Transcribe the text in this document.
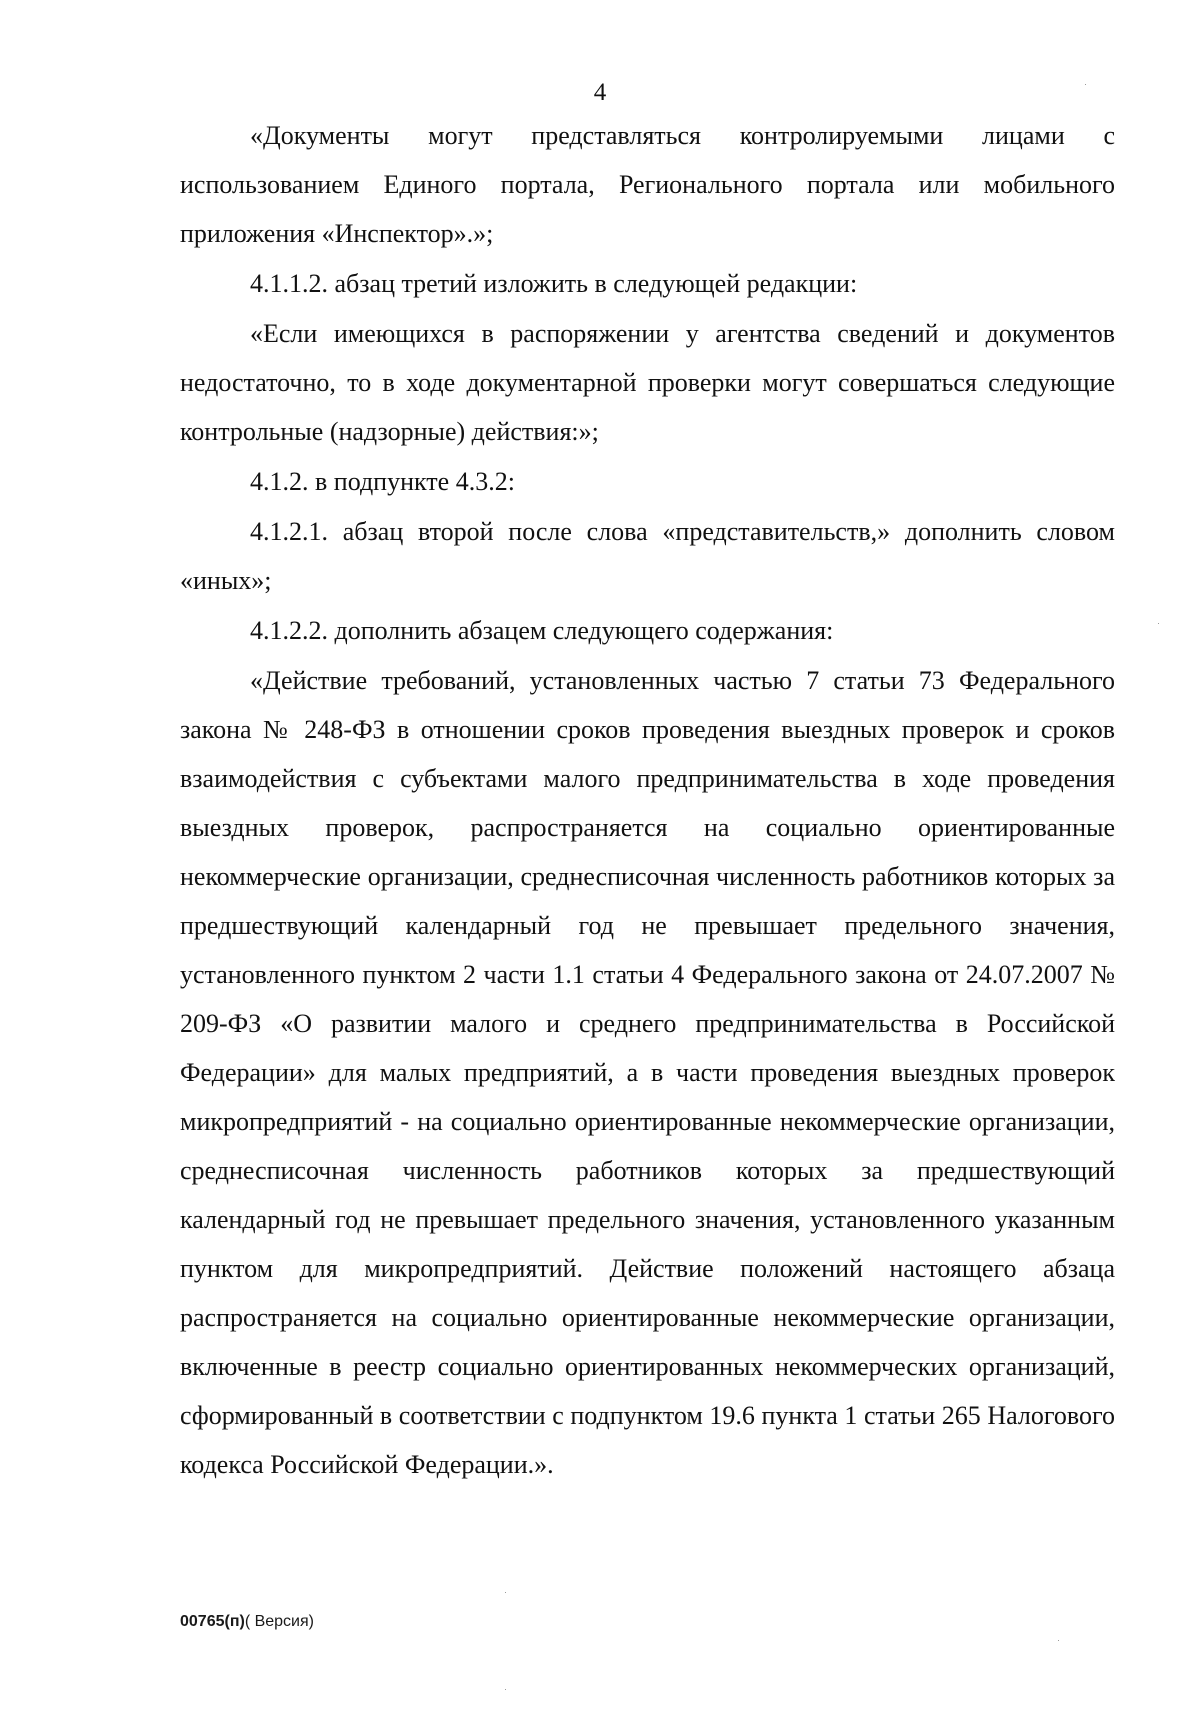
4

«Документы могут представляться контролируемыми лицами с использованием Единого портала, Регионального портала или мобильного приложения «Инспектор».»;

4.1.1.2. абзац третий изложить в следующей редакции:

«Если имеющихся в распоряжении у агентства сведений и документов недостаточно, то в ходе документарной проверки могут совершаться следующие контрольные (надзорные) действия:»;

4.1.2. в подпункте 4.3.2:

4.1.2.1. абзац второй после слова «представительств,» дополнить словом «иных»;

4.1.2.2. дополнить абзацем следующего содержания:

«Действие требований, установленных частью 7 статьи 73 Федерального закона № 248-ФЗ в отношении сроков проведения выездных проверок и сроков взаимодействия с субъектами малого предпринимательства в ходе проведения выездных проверок, распространяется на социально ориентированные некоммерческие организации, среднесписочная численность работников которых за предшествующий календарный год не превышает предельного значения, установленного пунктом 2 части 1.1 статьи 4 Федерального закона от 24.07.2007 № 209-ФЗ «О развитии малого и среднего предпринимательства в Российской Федерации» для малых предприятий, а в части проведения выездных проверок микропредприятий - на социально ориентированные некоммерческие организации, среднесписочная численность работников которых за предшествующий календарный год не превышает предельного значения, установленного указанным пунктом для микропредприятий. Действие положений настоящего абзаца распространяется на социально ориентированные некоммерческие организации, включенные в реестр социально ориентированных некоммерческих организаций, сформированный в соответствии с подпунктом 19.6 пункта 1 статьи 265 Налогового кодекса Российской Федерации.».

00765(п)( Версия)
